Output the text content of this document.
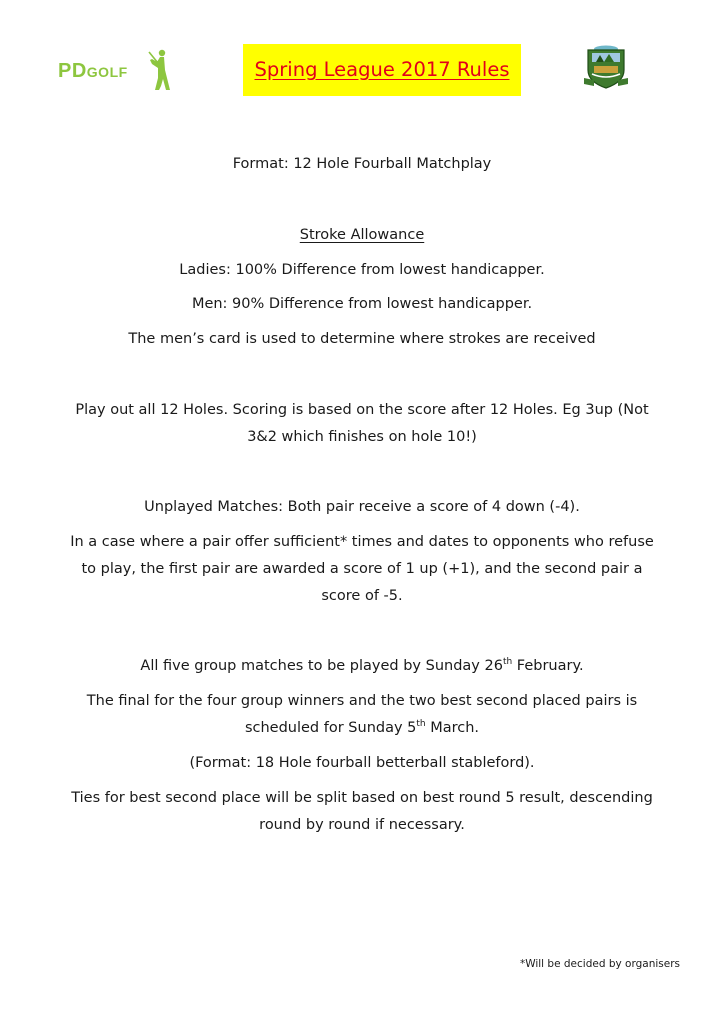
PDGOLF	Spring League 2017 Rules
Format: 12 Hole Fourball Matchplay
Stroke Allowance
Ladies: 100% Difference from lowest handicapper.
Men: 90% Difference from lowest handicapper.
The men’s card is used to determine where strokes are received
Play out all 12 Holes. Scoring is based on the score after 12 Holes. Eg 3up (Not
3&2 which finishes on hole 10!)
Unplayed Matches: Both pair receive a score of 4 down (-4).
In a case where a pair offer sufficient* times and dates to opponents who refuse
to play, the first pair are awarded a score of 1 up (+1), and the second pair a
score of -5.
All five group matches to be played by Sunday 26th February.
The final for the four group winners and the two best second placed pairs is
scheduled for Sunday 5th March.
(Format: 18 Hole fourball betterball stableford).
Ties for best second place will be split based on best round 5 result, descending
round by round if necessary.
*Will be decided by organisers
